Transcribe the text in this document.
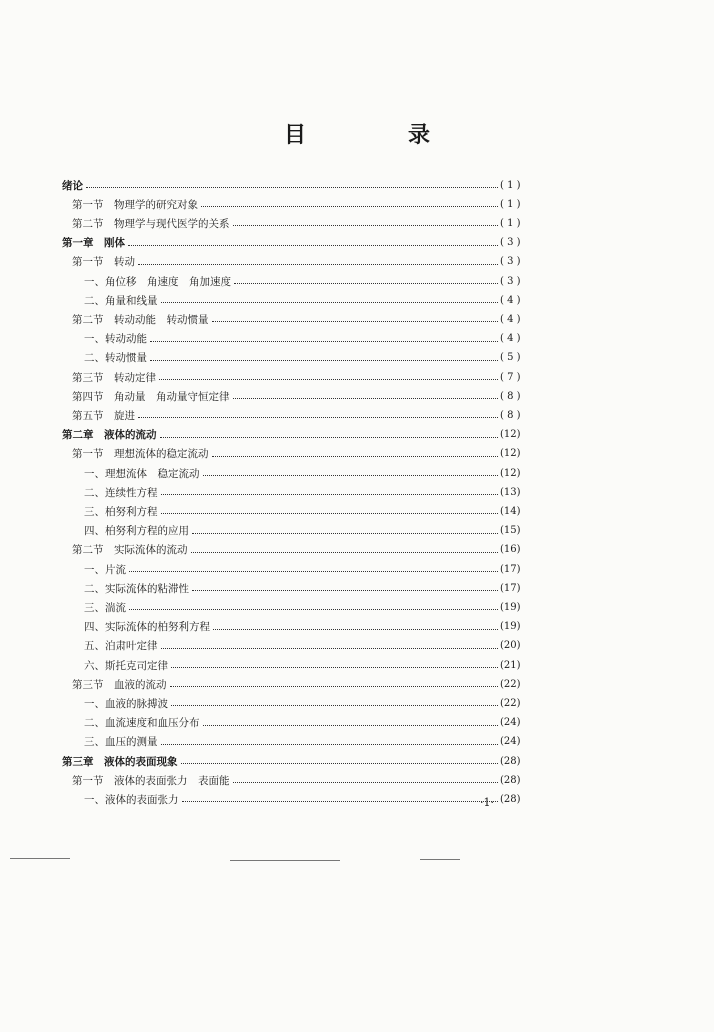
目　录
绪论	( 1 )
第一节　物理学的研究对象	( 1 )
第二节　物理学与现代医学的关系	( 1 )
第一章　刚体	( 3 )
第一节　转动	( 3 )
一、角位移　角速度　角加速度	( 3 )
二、角量和线量	( 4 )
第二节　转动动能　转动惯量	( 4 )
一、转动动能	( 4 )
二、转动惯量	( 5 )
第三节　转动定律	( 7 )
第四节　角动量　角动量守恒定律	( 8 )
第五节　旋进	( 8 )
第二章　液体的流动	(12)
第一节　理想流体的稳定流动	(12)
一、理想流体　稳定流动	(12)
二、连续性方程	(13)
三、柏努利方程	(14)
四、柏努利方程的应用	(15)
第二节　实际流体的流动	(16)
一、片流	(17)
二、实际流体的粘滞性	(17)
三、湍流	(19)
四、实际流体的柏努利方程	(19)
五、泊肃叶定律	(20)
六、斯托克司定律	(21)
第三节　血液的流动	(22)
一、血液的脉搏波	(22)
二、血流速度和血压分布	(24)
三、血压的测量	(24)
第三章　液体的表面现象	(28)
第一节　液体的表面张力　表面能	(28)
一、液体的表面张力	(28)
·1·
